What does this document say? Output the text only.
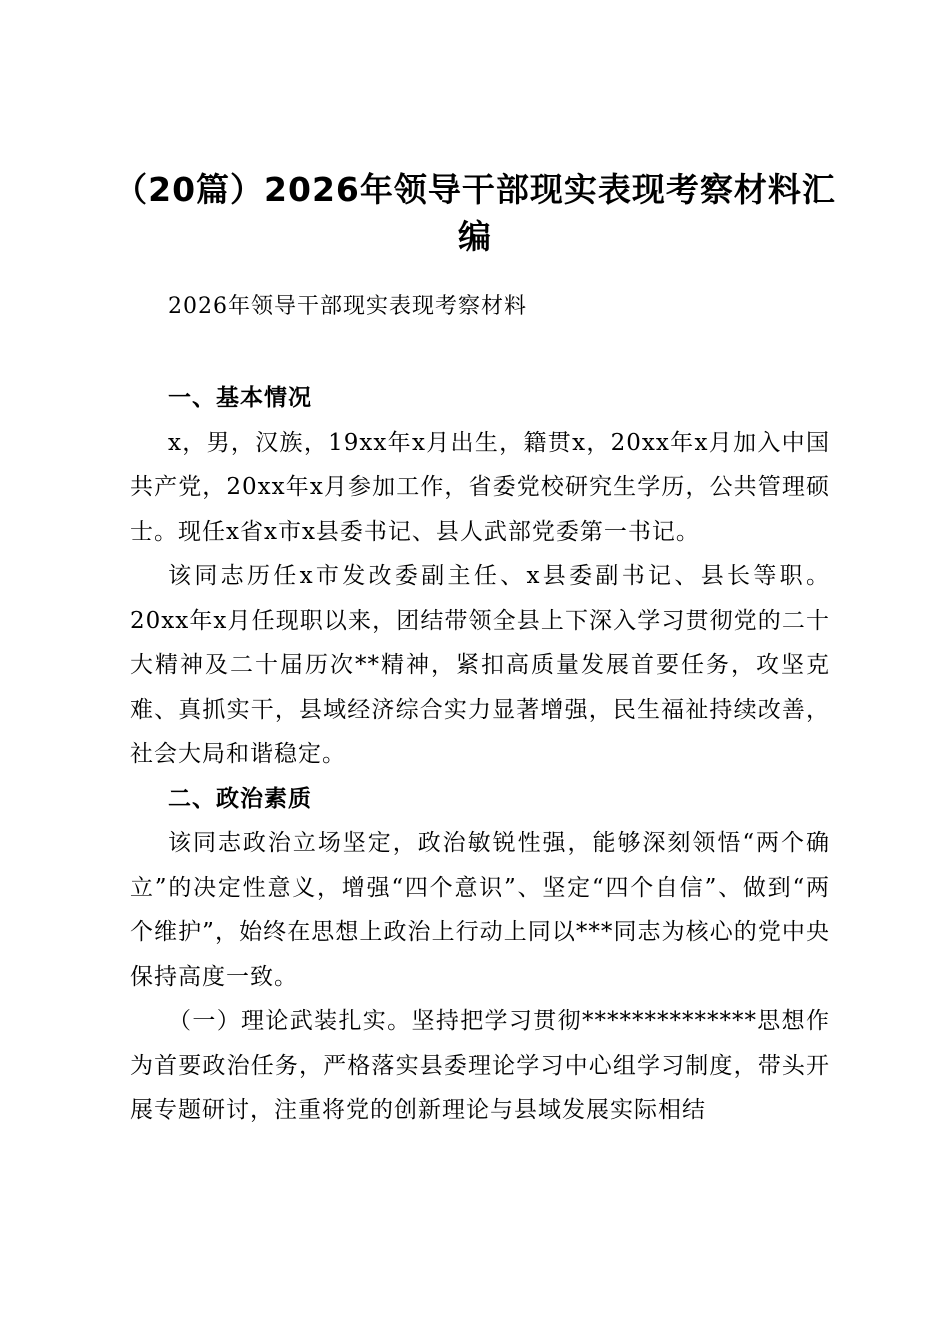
（20篇）2026年领导干部现实表现考察材料汇编
2026年领导干部现实表现考察材料

一、基本情况

x，男，汉族，19xx年x月出生，籍贯x，20xx年x月加入中国共产党，20xx年x月参加工作，省委党校研究生学历，公共管理硕士。现任x省x市x县委书记、县人武部党委第一书记。

该同志历任x市发改委副主任、x县委副书记、县长等职。20xx年x月任现职以来，团结带领全县上下深入学习贯彻党的二十大精神及二十届历次**精神，紧扣高质量发展首要任务，攻坚克难、真抓实干，县域经济综合实力显著增强，民生福祉持续改善，社会大局和谐稳定。

二、政治素质

该同志政治立场坚定，政治敏锐性强，能够深刻领悟“两个确立”的决定性意义，增强“四个意识”、坚定“四个自信”、做到“两个维护”，始终在思想上政治上行动上同以***同志为核心的党中央保持高度一致。

（一）理论武装扎实。坚持把学习贯彻**************思想作为首要政治任务，严格落实县委理论学习中心组学习制度，带头开展专题研讨，注重将党的创新理论与县域发展实际相结
